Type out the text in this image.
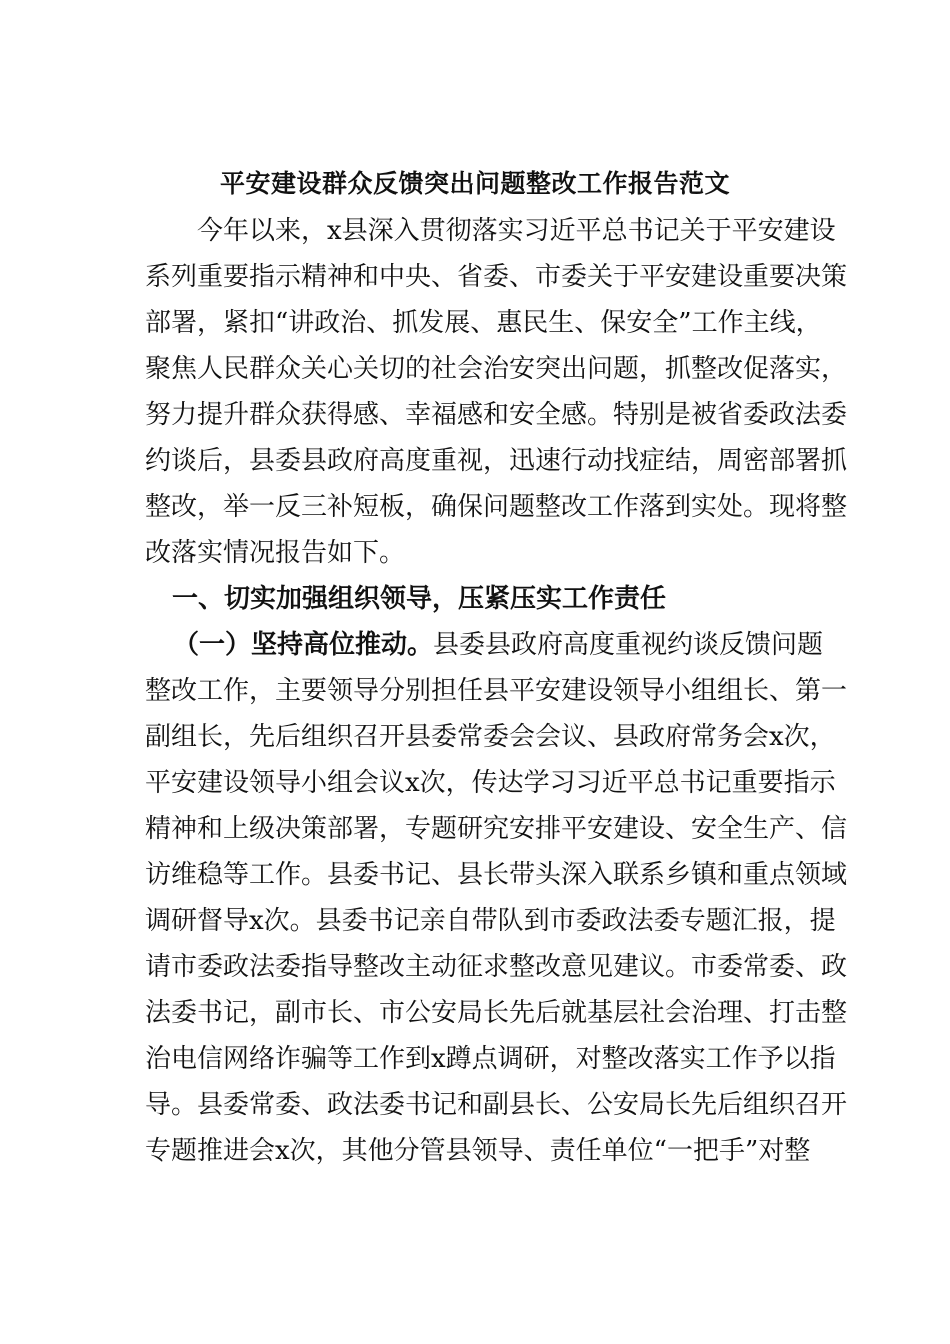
平安建设群众反馈突出问题整改工作报告范文
今年以来，x县深入贯彻落实习近平总书记关于平安建设
系列重要指示精神和中央、省委、市委关于平安建设重要决策
部署，紧扣“讲政治、抓发展、惠民生、保安全”工作主线，
聚焦人民群众关心关切的社会治安突出问题，抓整改促落实，
努力提升群众获得感、幸福感和安全感。特别是被省委政法委
约谈后，县委县政府高度重视，迅速行动找症结，周密部署抓
整改，举一反三补短板，确保问题整改工作落到实处。现将整
改落实情况报告如下。
一、切实加强组织领导，压紧压实工作责任
（一）坚持高位推动。县委县政府高度重视约谈反馈问题
整改工作，主要领导分别担任县平安建设领导小组组长、第一
副组长，先后组织召开县委常委会会议、县政府常务会x次，
平安建设领导小组会议x次，传达学习习近平总书记重要指示
精神和上级决策部署，专题研究安排平安建设、安全生产、信
访维稳等工作。县委书记、县长带头深入联系乡镇和重点领域
调研督导x次。县委书记亲自带队到市委政法委专题汇报，提
请市委政法委指导整改主动征求整改意见建议。市委常委、政
法委书记，副市长、市公安局长先后就基层社会治理、打击整
治电信网络诈骗等工作到x蹲点调研，对整改落实工作予以指
导。县委常委、政法委书记和副县长、公安局长先后组织召开
专题推进会x次，其他分管县领导、责任单位“一把手”对整
